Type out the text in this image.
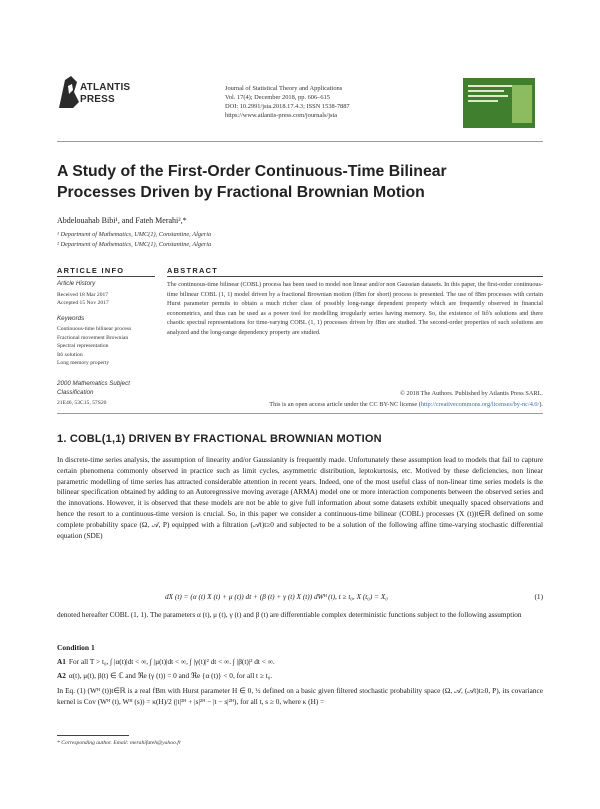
ATLANTIS
PRESS
Journal of Statistical Theory and Applications
Vol. 17(4); December 2018, pp. 606–615
DOI: 10.2991/jsta.2018.17.4.3; ISSN 1538-7887
https://www.atlantis-press.com/journals/jsta
A Study of the First-Order Continuous-Time Bilinear
Processes Driven by Fractional Brownian Motion
Abdelouahab Bibi¹, and Fateh Merahi²,*
¹ Department of Mathematics, UMC(1), Constantine, Algeria
² Department of Mathematics, UMC(1), Constantine, Algeria
ARTICLE INFO
Article History
Received 18 Mar 2017
Accepted 15 Nov 2017
Keywords
Continuous-time bilinear process
Fractional movement Brownian
Spectral representation
Itô solution
Long memory property
2000 Mathematics Subject
Classification
21E46, 53C15, 57S20
ABSTRACT
The continuous-time bilinear (COBL) process has been used to model non linear and/or non Gaussian datasets. In this paper, the first-order continuous-time bilinear COBL (1, 1) model driven by a fractional Brownian motion (fBm for short) process is presented. The use of fBm processes with certain Hurst parameter permits to obtain a much richer class of possibly long-range dependent property which are frequently observed in financial econometrics, and thus can be used as a power tool for modelling irregularly series having memory. So, the existence of Itô's solutions and there chaotic spectral representations for time-varying COBL (1, 1) processes driven by fBm are studied. The second-order properties of such solutions are analyzed and the long-range dependency property are studied.
© 2018 The Authors. Published by Atlantis Press SARL.
This is an open access article under the CC BY-NC license (http://creativecommons.org/licenses/by-nc/4.0/).
1. COBL(1,1) DRIVEN BY FRACTIONAL BROWNIAN MOTION

In discrete-time series analysis, the assumption of linearity and/or Gaussianity is frequently made. Unfortunately these assumption lead to models that fail to capture certain phenomena commonly observed in practice such as limit cycles, asymmetric distribution, leptokurtosis, etc. Motived by these deficiencies, non linear parametric modelling of time series has attracted considerable attention in recent years. Indeed, one of the most useful class of non-linear time series models is the bilinear specification obtained by adding to an Autoregressive moving average (ARMA) model one or more interaction components between the observed series and the innovations. However, it is observed that these models are not be able to give full information about some datasets exhibit unequally spaced observations and hence the resort to a continuous-time version is crucial. So, in this paper we consider a continuous-time bilinear (COBL) processes (X (t))t∈ℝ defined on some complete probability space (Ω, 𝒜, P) equipped with a filtration (𝒜t)t≥0 and subjected to be a solution of the following affine time-varying stochastic differential equation (SDE)

dX (t) = (α (t) X (t) + μ (t)) dt + (β (t) + γ (t) X (t)) dWᴴ (t), t ≥ t₀, X (t₀) = X₀	(1)

denoted hereafter COBL (1, 1). The parameters α (t), μ (t), γ (t) and β (t) are differentiable complex deterministic functions subject to the following assumption

Condition 1
A1 For all T > t₀, ∫ |α(t)|dt < ∞, ∫ |μ(t)|dt < ∞, ∫ |γ(t)|² dt < ∞. ∫ |β(t)|² dt < ∞.
A2 α(t), μ(t), β(t) ∈ ℂ and ℜe (γ (t)) = 0 and ℜe {α (t)} < 0, for all t ≥ t₀.

In Eq. (1) (Wᴴ (t))t∈ℝ is a real fBm with Hurst parameter H ∈ 0, ½ defined on a basic given filtered stochastic probability space (Ω, 𝒜, (𝒜t)t≥0, P), its covariance kernel is Cov (Wᴴ (t), Wᴴ (s)) = κ(H)/2 (|t|²ᴴ + |s|²ᴴ − |t − s|²ᴴ), for all t, s ≥ 0, where κ (H) =

* Corresponding author. Email: merahifateh@yahoo.fr
